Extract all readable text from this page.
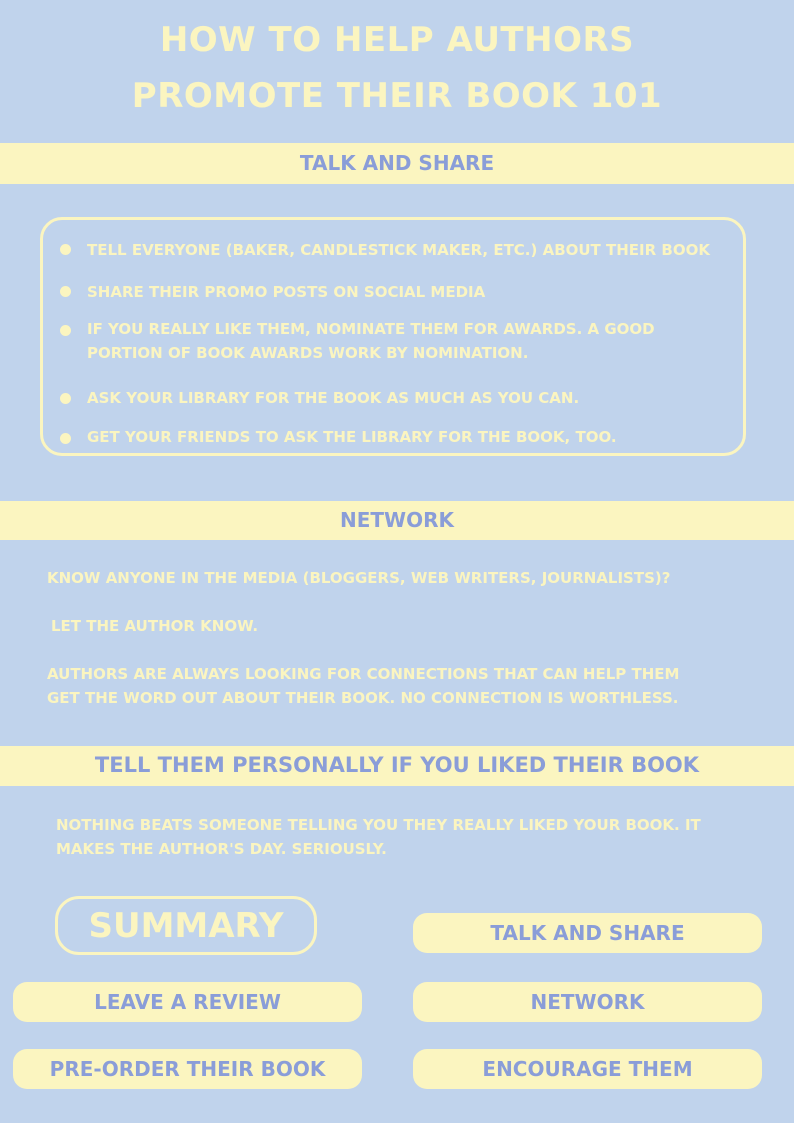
HOW TO HELP AUTHORS
PROMOTE THEIR BOOK 101
TALK AND SHARE
TELL EVERYONE (BAKER, CANDLESTICK MAKER, ETC.) ABOUT THEIR BOOK
SHARE THEIR PROMO POSTS ON SOCIAL MEDIA
IF YOU REALLY LIKE THEM, NOMINATE THEM FOR AWARDS. A GOOD
PORTION OF BOOK AWARDS WORK BY NOMINATION.
ASK YOUR LIBRARY FOR THE BOOK AS MUCH AS YOU CAN.
GET YOUR FRIENDS TO ASK THE LIBRARY FOR THE BOOK, TOO.
NETWORK
KNOW ANYONE IN THE MEDIA (BLOGGERS, WEB WRITERS, JOURNALISTS)?
LET THE AUTHOR KNOW.
AUTHORS ARE ALWAYS LOOKING FOR CONNECTIONS THAT CAN HELP THEM
GET THE WORD OUT ABOUT THEIR BOOK. NO CONNECTION IS WORTHLESS.
TELL THEM PERSONALLY IF YOU LIKED THEIR BOOK
NOTHING BEATS SOMEONE TELLING YOU THEY REALLY LIKED YOUR BOOK. IT
MAKES THE AUTHOR'S DAY. SERIOUSLY.
SUMMARY	TALK AND SHARE
LEAVE A REVIEW	NETWORK
PRE-ORDER THEIR BOOK	ENCOURAGE THEM
